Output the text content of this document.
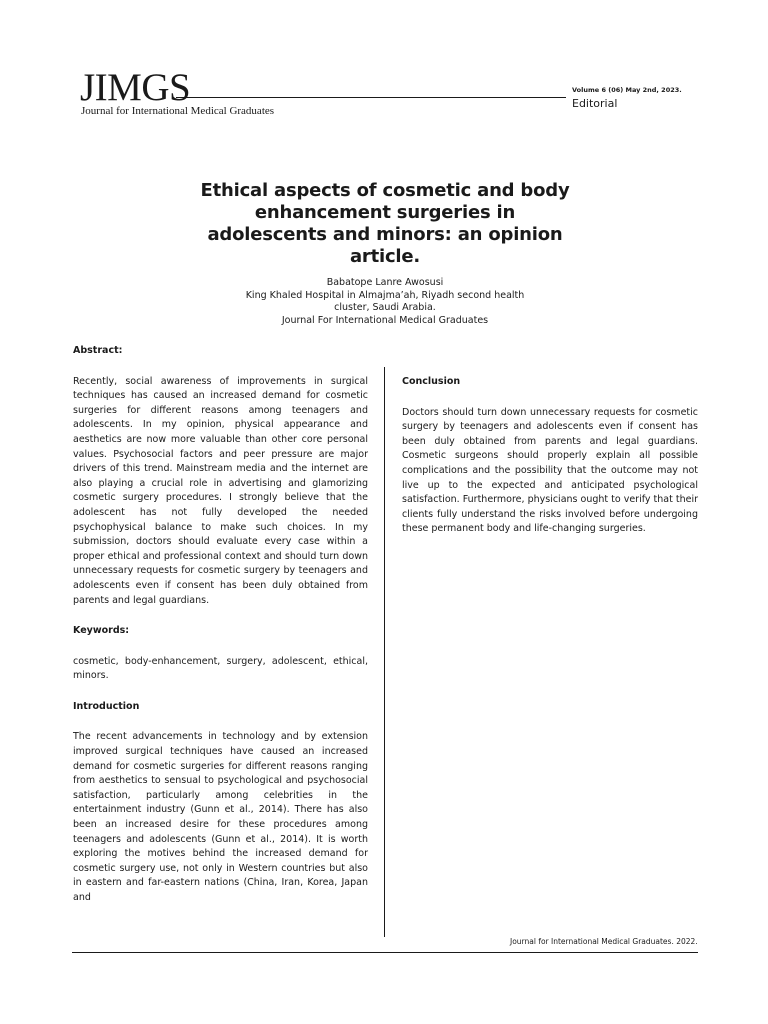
JIMGS
Journal for International Medical Graduates
Volume 6 (06) May 2nd, 2023.
Editorial
Ethical aspects of cosmetic and body enhancement surgeries in adolescents and minors: an opinion article.
Babatope Lanre Awosusi
King Khaled Hospital in Almajma’ah, Riyadh second health cluster, Saudi Arabia.
Journal For International Medical Graduates

Abstract:

Recently, social awareness of improvements in surgical techniques has caused an increased demand for cosmetic surgeries for different reasons among teenagers and adolescents. In my opinion, physical appearance and aesthetics are now more valuable than other core personal values. Psychosocial factors and peer pressure are major drivers of this trend. Mainstream media and the internet are also playing a crucial role in advertising and glamorizing cosmetic surgery procedures. I strongly believe that the adolescent has not fully developed the needed psychophysical balance to make such choices. In my submission, doctors should evaluate every case within a proper ethical and professional context and should turn down unnecessary requests for cosmetic surgery by teenagers and adolescents even if consent has been duly obtained from parents and legal guardians.

Keywords:

cosmetic, body-enhancement, surgery, adolescent, ethical, minors.

Introduction

The recent advancements in technology and by extension improved surgical techniques have caused an increased demand for cosmetic surgeries for different reasons ranging from aesthetics to sensual to psychological and psychosocial satisfaction, particularly among celebrities in the entertainment industry (Gunn et al., 2014). There has also been an increased desire for these procedures among teenagers and adolescents (Gunn et al., 2014). It is worth exploring the motives behind the increased demand for cosmetic surgery use, not only in Western countries but also in eastern and far-eastern nations (China, Iran, Korea, Japan and

Conclusion

Doctors should turn down unnecessary requests for cosmetic surgery by teenagers and adolescents even if consent has been duly obtained from parents and legal guardians. Cosmetic surgeons should properly explain all possible complications and the possibility that the outcome may not live up to the expected and anticipated psychological satisfaction. Furthermore, physicians ought to verify that their clients fully understand the risks involved before undergoing these permanent body and life-changing surgeries.

Journal for International Medical Graduates. 2022.
